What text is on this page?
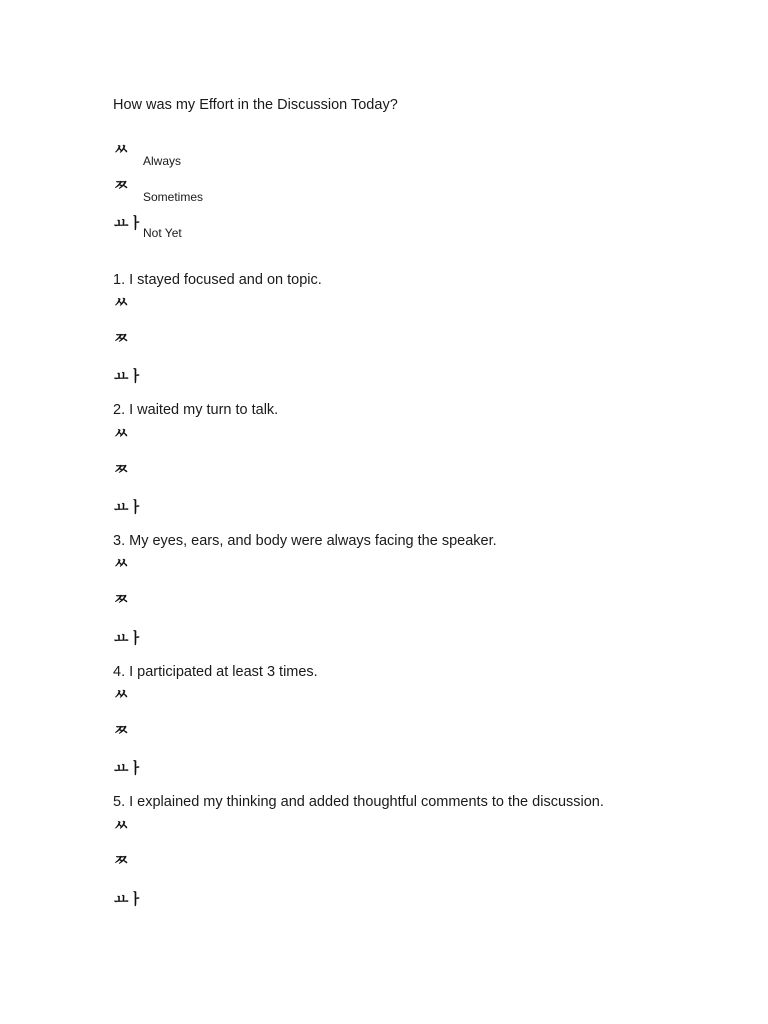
How was my Effort in the Discussion Today?
ㅆ
Always
ㅉ
Sometimes
ㅛㅏ
Not Yet
1. I stayed focused and on topic.
ㅆ
ㅉ
ㅛㅏ
2. I waited my turn to talk.
ㅆ
ㅉ
ㅛㅏ
3. My eyes, ears, and body were always facing the speaker.
ㅆ
ㅉ
ㅛㅏ
4. I participated at least 3 times.
ㅆ
ㅉ
ㅛㅏ
5. I explained my thinking and added thoughtful comments to the discussion.
ㅆ
ㅉ
ㅛㅏ
